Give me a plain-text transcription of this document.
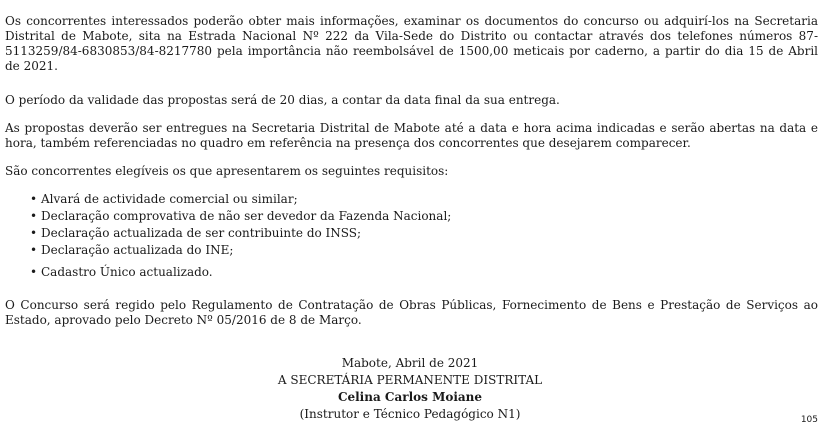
Os concorrentes interessados poderão obter mais informações, examinar os documentos do concurso ou adquirí-los na Secretaria Distrital de Mabote, sita na Estrada Nacional Nº 222 da Vila-Sede do Distrito ou contactar através dos telefones números 87-5113259/84-6830853/84-8217780 pela importância não reembolsável de 1500,00 meticais por caderno, a partir do dia 15 de Abril de 2021.

O período da validade das propostas será de 20 dias, a contar da data final da sua entrega.

As propostas deverão ser entregues na Secretaria Distrital de Mabote até a data e hora acima indicadas e serão abertas na data e hora, também referenciadas no quadro em referência na presença dos concorrentes que desejarem comparecer.

São concorrentes elegíveis os que apresentarem os seguintes requisitos:

• Alvará de actividade comercial ou similar;
• Declaração comprovativa de não ser devedor da Fazenda Nacional;
• Declaração actualizada de ser contribuinte do INSS;
• Declaração actualizada do INE;
• Cadastro Único actualizado.

O Concurso será regido pelo Regulamento de Contratação de Obras Públicas, Fornecimento de Bens e Prestação de Serviços ao Estado, aprovado pelo Decreto Nº 05/2016 de 8 de Março.

Mabote, Abril de 2021
A SECRETÁRIA PERMANENTE DISTRITAL
Celina Carlos Moiane
(Instrutor e Técnico Pedagógico N1)	105
